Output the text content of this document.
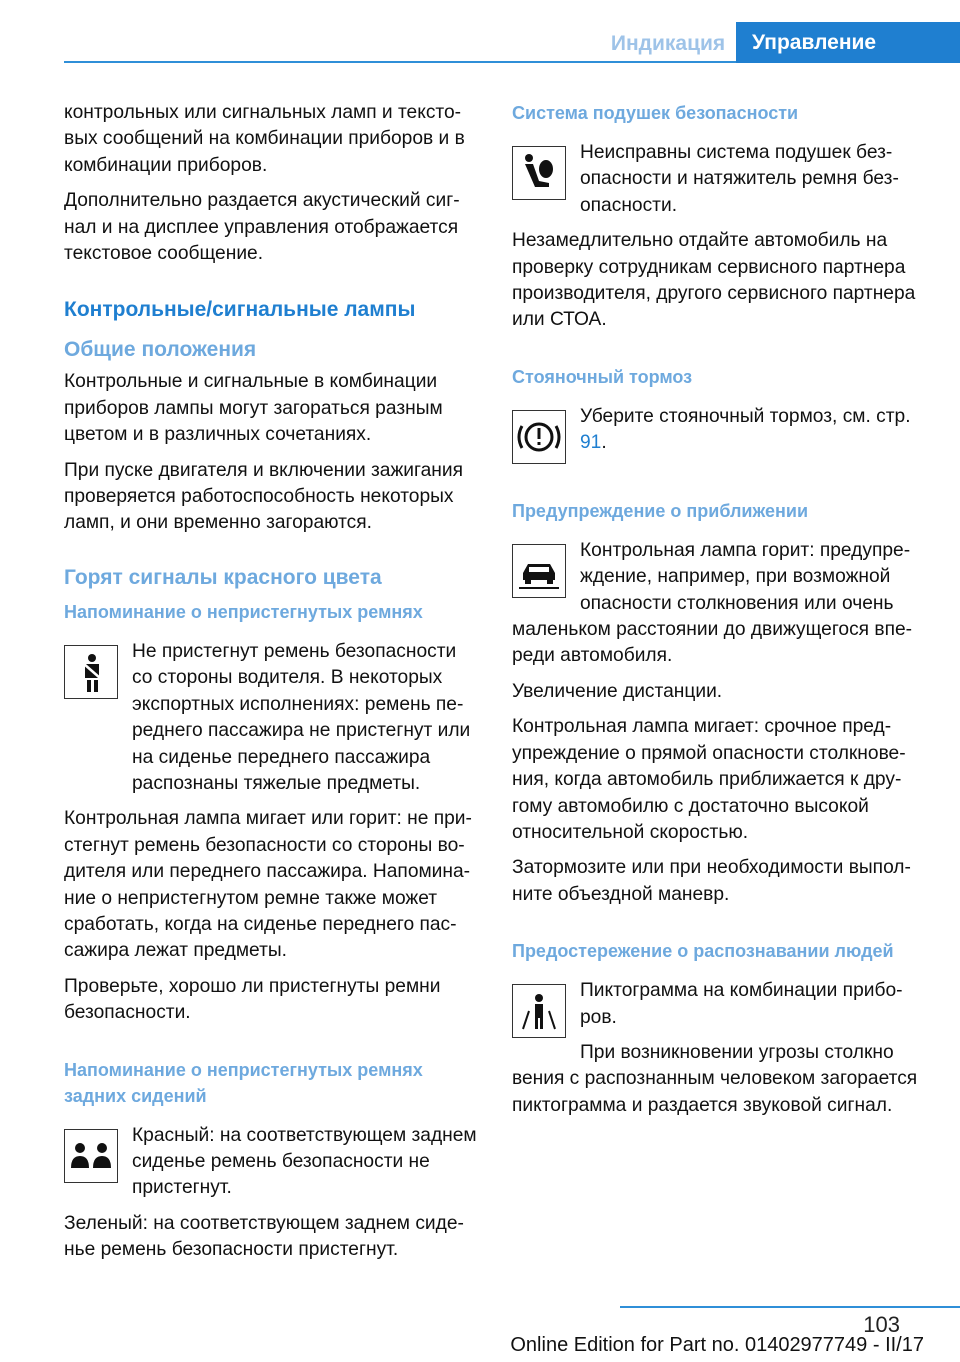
Индикация	Управление

контрольных или сигнальных ламп и текстовых сообщений на комбинации приборов и в комбинации приборов.

Дополнительно раздается акустический сигнал и на дисплее управления отображается текстовое сообщение.

Контрольные/сигнальные лампы
Общие положения

Контрольные и сигнальные в комбинации приборов лампы могут загораться разным цветом и в различных сочетаниях.

При пуске двигателя и включении зажигания проверяется работоспособность некоторых ламп, и они временно загораются.

Горят сигналы красного цвета
Напоминание о непристегнутых ремнях

Не пристегнут ремень безопасности со стороны водителя. В некоторых экспортных исполнениях: ремень переднего пассажира не пристегнут или на сиденье переднего пассажира распознаны тяжелые предметы.

Контрольная лампа мигает или горит: не пристегнут ремень безопасности со стороны водителя или переднего пассажира. Напоминание о непристегнутом ремне также может сработать, когда на сиденье переднего пассажира лежат предметы.

Проверьте, хорошо ли пристегнуты ремни безопасности.

Напоминание о непристегнутых ремнях задних сидений

Красный: на соответствующем заднем сиденье ремень безопасности не пристегнут.

Зеленый: на соответствующем заднем сиденье ремень безопасности пристегнут.

Система подушек безопасности

Неисправны система подушек безопасности и натяжитель ремня безопасности.

Незамедлительно отдайте автомобиль на проверку сотрудникам сервисного партнера производителя, другого сервисного партнера или СТОА.

Стояночный тормоз

Уберите стояночный тормоз, см. стр. 91.

Предупреждение о приближении

Контрольная лампа горит: предупреждение, например, при возможной опасности столкновения или очень

маленьком расстоянии до движущегося впереди автомобиля.

Увеличение дистанции.

Контрольная лампа мигает: срочное предупреждение о прямой опасности столкновения, когда автомобиль приближается к другому автомобилю с достаточно высокой относительной скоростью.

Затормозите или при необходимости выполните объездной маневр.

Предостережение о распознавании людей

Пиктограмма на комбинации приборов.

При возникновении угрозы столкно

вения с распознанным человеком загорается пиктограмма и раздается звуковой сигнал.

103
Online Edition for Part no. 01402977749 - II/17
